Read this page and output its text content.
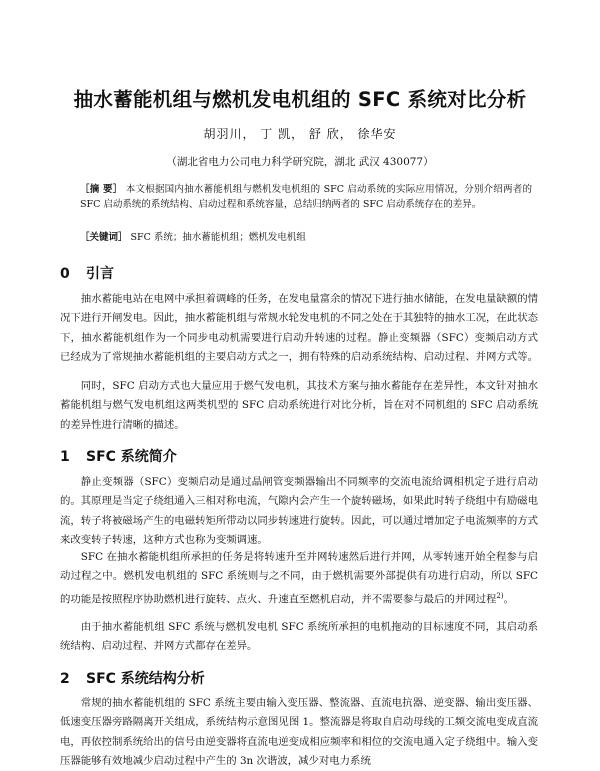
抽水蓄能机组与燃机发电机组的 SFC 系统对比分析
胡羽川， 丁 凯， 舒 欣， 徐华安
（湖北省电力公司电力科学研究院，湖北 武汉 430077）
［摘 要］ 本文根据国内抽水蓄能机组与燃机发电机组的 SFC 启动系统的实际应用情况，分别介绍两者的 SFC 启动系统的系统结构、启动过程和系统容量，总结归纳两者的 SFC 启动系统存在的差异。
［关键词］ SFC 系统；抽水蓄能机组；燃机发电机组
0 引言

抽水蓄能电站在电网中承担着调峰的任务，在发电量富余的情况下进行抽水储能，在发电量缺额的情况下进行开闸发电。因此，抽水蓄能机组与常规水轮发电机的不同之处在于其独特的抽水工况，在此状态下，抽水蓄能机组作为一个同步电动机需要进行启动升转速的过程。静止变频器（SFC）变频启动方式已经成为了常规抽水蓄能机组的主要启动方式之一，拥有特殊的启动系统结构、启动过程、并网方式等。

同时，SFC 启动方式也大量应用于燃气发电机，其技术方案与抽水蓄能存在差异性，本文针对抽水蓄能机组与燃气发电机组这两类机型的 SFC 启动系统进行对比分析，旨在对不同机组的 SFC 启动系统的差异性进行清晰的描述。

1 SFC 系统简介

静止变频器（SFC）变频启动是通过晶闸管变频器输出不同频率的交流电流给调相机定子进行启动的。其原理是当定子绕组通入三相对称电流，气隙内会产生一个旋转磁场，如果此时转子绕组中有励磁电流，转子将被磁场产生的电磁转矩所带动以同步转速进行旋转。因此，可以通过增加定子电流频率的方式来改变转子转速，这种方式也称为变频调速。

SFC 在抽水蓄能机组所承担的任务是将转速升至并网转速然后进行并网，从零转速开始全程参与启动过程之中。燃机发电机组的 SFC 系统则与之不同，由于燃机需要外部提供有功进行启动，所以 SFC 的功能是按照程序协助燃机进行旋转、点火、升速直至燃机启动，并不需要参与最后的并网过程$^{2)}$。

由于抽水蓄能机组 SFC 系统与燃机发电机 SFC 系统所承担的电机拖动的目标速度不同，其启动系统结构、启动过程、并网方式都存在差异。

2 SFC 系统结构分析

常规的抽水蓄能机组的 SFC 系统主要由输入变压器、整流器、直流电抗器、逆变器、输出变压器、低速变压器旁路隔离开关组成，系统结构示意图见图 1。整流器是将取自启动母线的工频交流电变成直流电，再依控制系统给出的信号由逆变器将直流电逆变成相应频率和相位的交流电通入定子绕组中。输入变压器能够有效地减少启动过程中产生的 3n 次谐波，减少对电力系统
